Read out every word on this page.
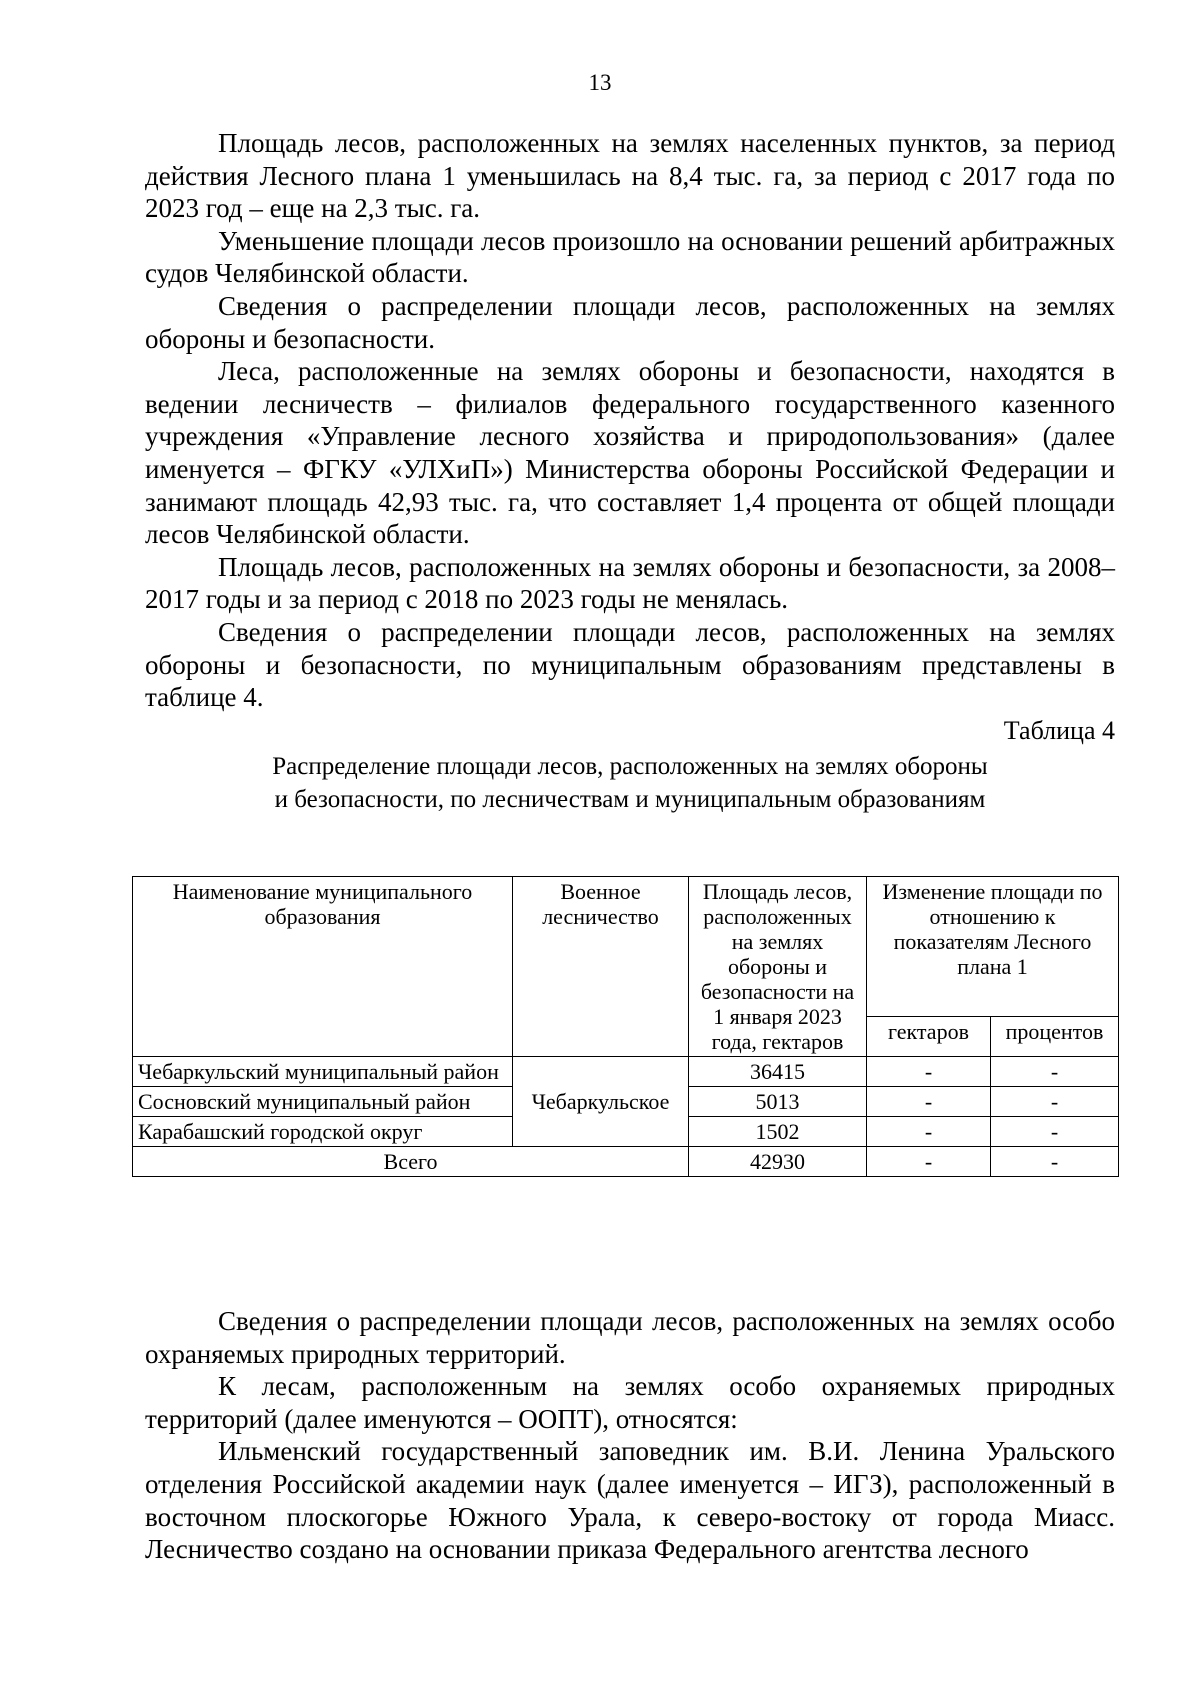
13

Площадь лесов, расположенных на землях населенных пунктов, за период действия Лесного плана 1 уменьшилась на 8,4 тыс. га, за период с 2017 года по 2023 год – еще на 2,3 тыс. га.

Уменьшение площади лесов произошло на основании решений арбитражных судов Челябинской области.

Сведения о распределении площади лесов, расположенных на землях обороны и безопасности.

Леса, расположенные на землях обороны и безопасности, находятся в ведении лесничеств – филиалов федерального государственного казенного учреждения «Управление лесного хозяйства и природопользования» (далее именуется – ФГКУ «УЛХиП») Министерства обороны Российской Федерации и занимают площадь 42,93 тыс. га, что составляет 1,4 процента от общей площади лесов Челябинской области.

Площадь лесов, расположенных на землях обороны и безопасности, за 2008–2017 годы и за период с 2018 по 2023 годы не менялась.

Сведения о распределении площади лесов, расположенных на землях обороны и безопасности, по муниципальным образованиям представлены в таблице 4.

Таблица 4
Распределение площади лесов, расположенных на землях обороны
и безопасности, по лесничествам и муниципальным образованиям
Наименование муниципального образования	Военное лесничество	Площадь лесов, расположенных на землях обороны и безопасности на 1 января 2023 года, гектаров	Изменение площади по отношению к показателям Лесного плана 1	
			гектаров	процентов
Чебаркульский муниципальный район	Чебаркульское	36415	-	-
Сосновский муниципальный район		5013	-	-
Карабашский городской округ		1502	-	-
Всего		42930	-	-

Сведения о распределении площади лесов, расположенных на землях особо охраняемых природных территорий.

К лесам, расположенным на землях особо охраняемых природных территорий (далее именуются – ООПТ), относятся:

Ильменский государственный заповедник им. В.И. Ленина Уральского отделения Российской академии наук (далее именуется – ИГЗ), расположенный в восточном плоскогорье Южного Урала, к северо-востоку от города Миасс. Лесничество создано на основании приказа Федерального агентства лесного
